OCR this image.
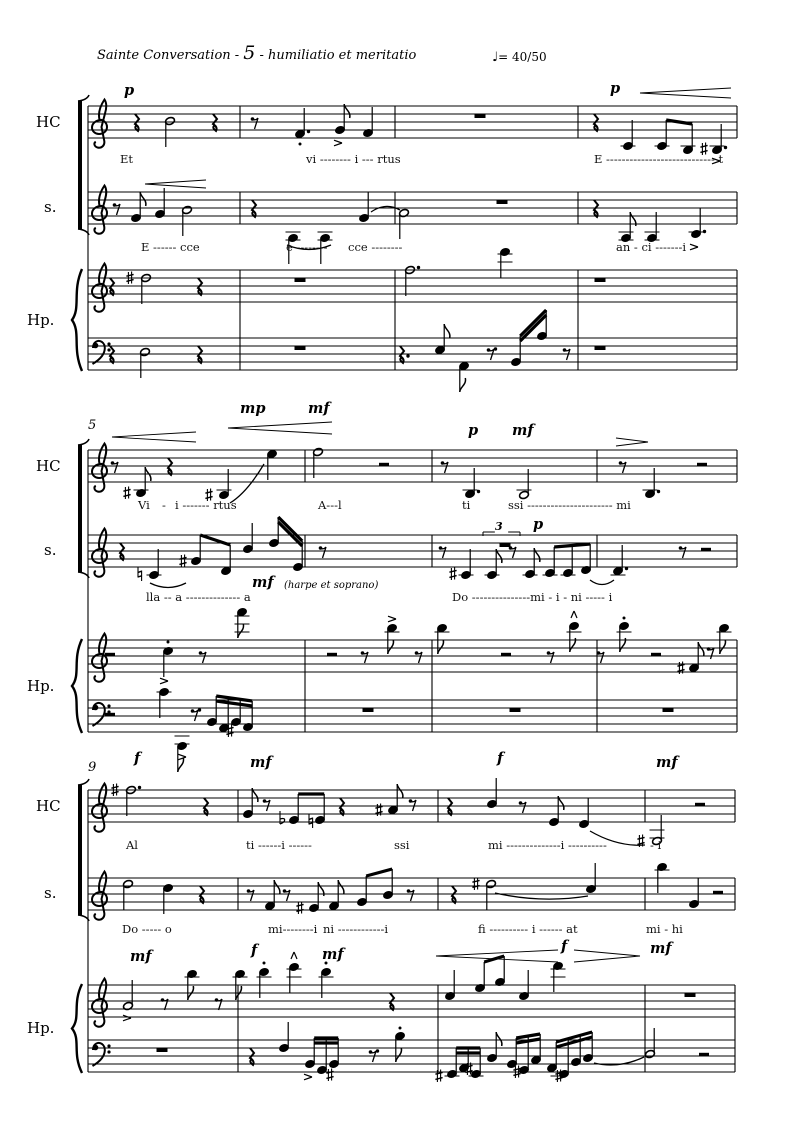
Sainte Conversation - 5 - humiliatio et meritatio	♩= 40/50
HC
s.
Hp.
HC
s.
Hp.
HC
s.
Hp.
5
9
p	p
mp	mf
p mf
mf (harpe et soprano)
p
3
f	mf	f	mf
mf	f	mf	f	mf
Et	vi -------- i --- rtus	E ---------------------------- t
E ------ cce	e -------- cce --------	an - ci -------i
Vi - i ------- rtus	A---l	ti	ssi ---------------------- mi
lla -- a -------------- a	Do ---------------mi - i - ni ----- i
Al	ti ------i ------	ssi	mi --------------i ----------	- i
Do ----- o	mi--------i ni ------------i	fi ---------- i ------ at	mi - hi
